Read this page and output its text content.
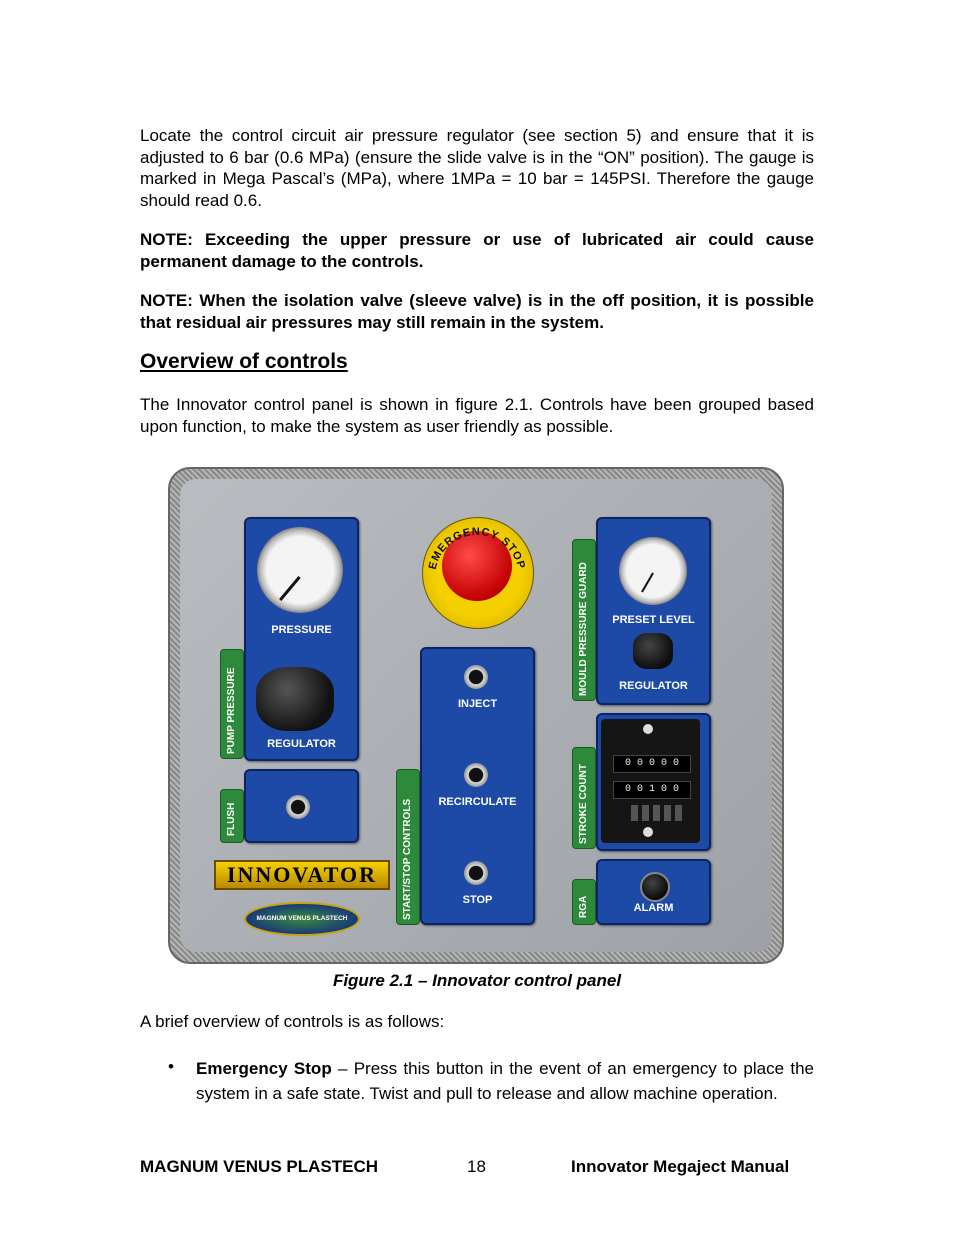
Locate the control circuit air pressure regulator (see section 5) and ensure that it is adjusted to 6 bar (0.6 MPa) (ensure the slide valve is in the “ON” position). The gauge is marked in Mega Pascal’s (MPa), where 1MPa = 10 bar = 145PSI. Therefore the gauge should read 0.6.

NOTE: Exceeding the upper pressure or use of lubricated air could cause permanent damage to the controls.

NOTE: When the isolation valve (sleeve valve) is in the off position, it is possible that residual air pressures may still remain in the system.

Overview of controls

The Innovator control panel is shown in figure 2.1. Controls have been grouped based upon function, to make the system as user friendly as possible.

PUMP PRESSURE
PRESSURE
REGULATOR
FLUSH
INNOVATOR
MAGNUM VENUS PLASTECH
EMERGENCY STOP
START/STOP CONTROLS
INJECT
RECIRCULATE
STOP
MOULD PRESSURE GUARD	PRESET LEVEL
REGULATOR
STROKE COUNT
0 0 0 0 0
0 0 1 0 0
RGA	ALARM
Figure 2.1 – Innovator control panel

A brief overview of controls is as follows:

• Emergency Stop – Press this button in the event of an emergency to place the system in a safe state. Twist and pull to release and allow machine operation.

MAGNUM VENUS PLASTECH	18	Innovator Megaject Manual
